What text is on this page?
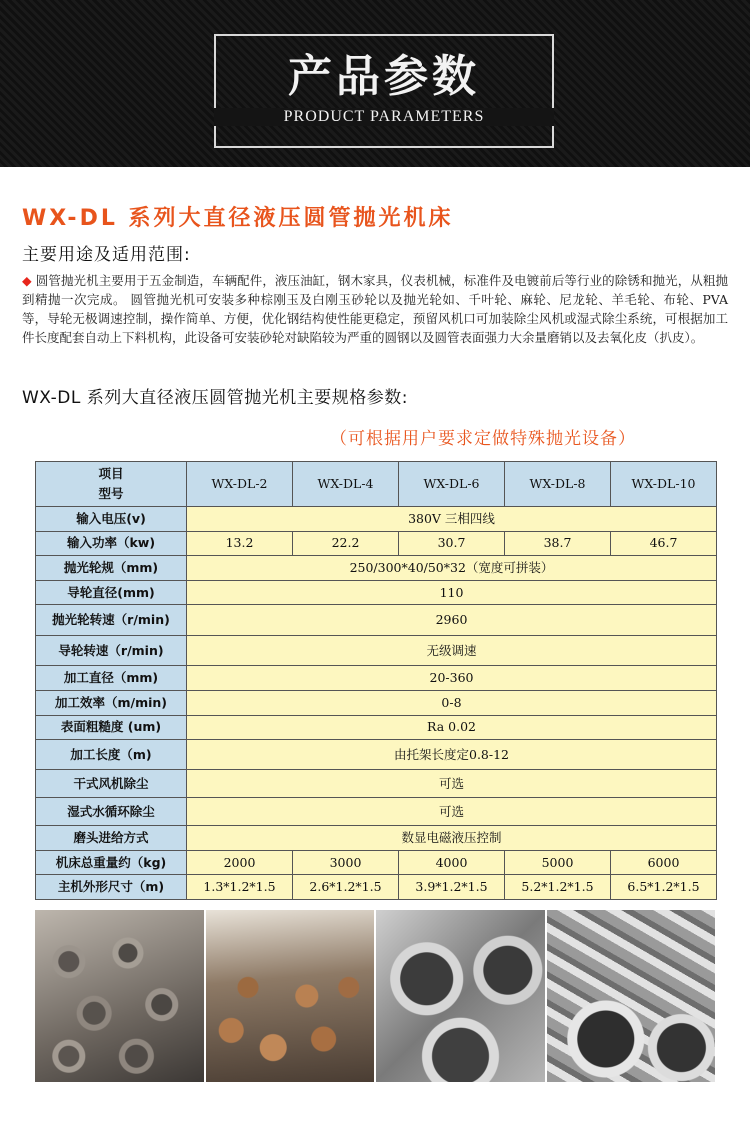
产品参数
PRODUCT PARAMETERS
WX-DL 系列大直径液压圆管抛光机床
主要用途及适用范围:
◆ 圆管抛光机主要用于五金制造，车辆配件，液压油缸，钢木家具，仪表机械，标准件及电镀前后等行业的除锈和抛光，从粗抛到精抛一次完成。 圆管抛光机可安装多种棕刚玉及白刚玉砂轮以及抛光轮如、千叶轮、麻轮、尼龙轮、羊毛轮、布轮、PVA 等，导轮无极调速控制，操作简单、方便，优化钢结构使性能更稳定，预留风机口可加装除尘风机或湿式除尘系统，可根据加工件长度配套自动上下料机构，此设备可安装砂轮对缺陷较为严重的圆钢以及圆管表面强力大余量磨销以及去氧化皮（扒皮）。
WX-DL 系列大直径液压圆管抛光机主要规格参数:
（可根据用户要求定做特殊抛光设备）
项目
型号	WX-DL-2	WX-DL-4	WX-DL-6	WX-DL-8	WX-DL-10
输入电压(v)	380V 三相四线				
输入功率（kw)	13.2	22.2	30.7	38.7	46.7
抛光轮规（mm)	250/300*40/50*32（宽度可拼装）				
导轮直径(mm)	110				
抛光轮转速（r/min)	2960				
导轮转速（r/min)	无级调速				
加工直径（mm)	20-360				
加工效率（m/min)	0-8				
表面粗糙度 (um)	Ra 0.02				
加工长度（m)	由托架长度定0.8-12				
干式风机除尘	可选				
湿式水循环除尘	可选				
磨头进给方式	数显电磁液压控制				
机床总重量约（kg)	2000	3000	4000	5000	6000
主机外形尺寸（m)	1.3*1.2*1.5	2.6*1.2*1.5	3.9*1.2*1.5	5.2*1.2*1.5	6.5*1.2*1.5
